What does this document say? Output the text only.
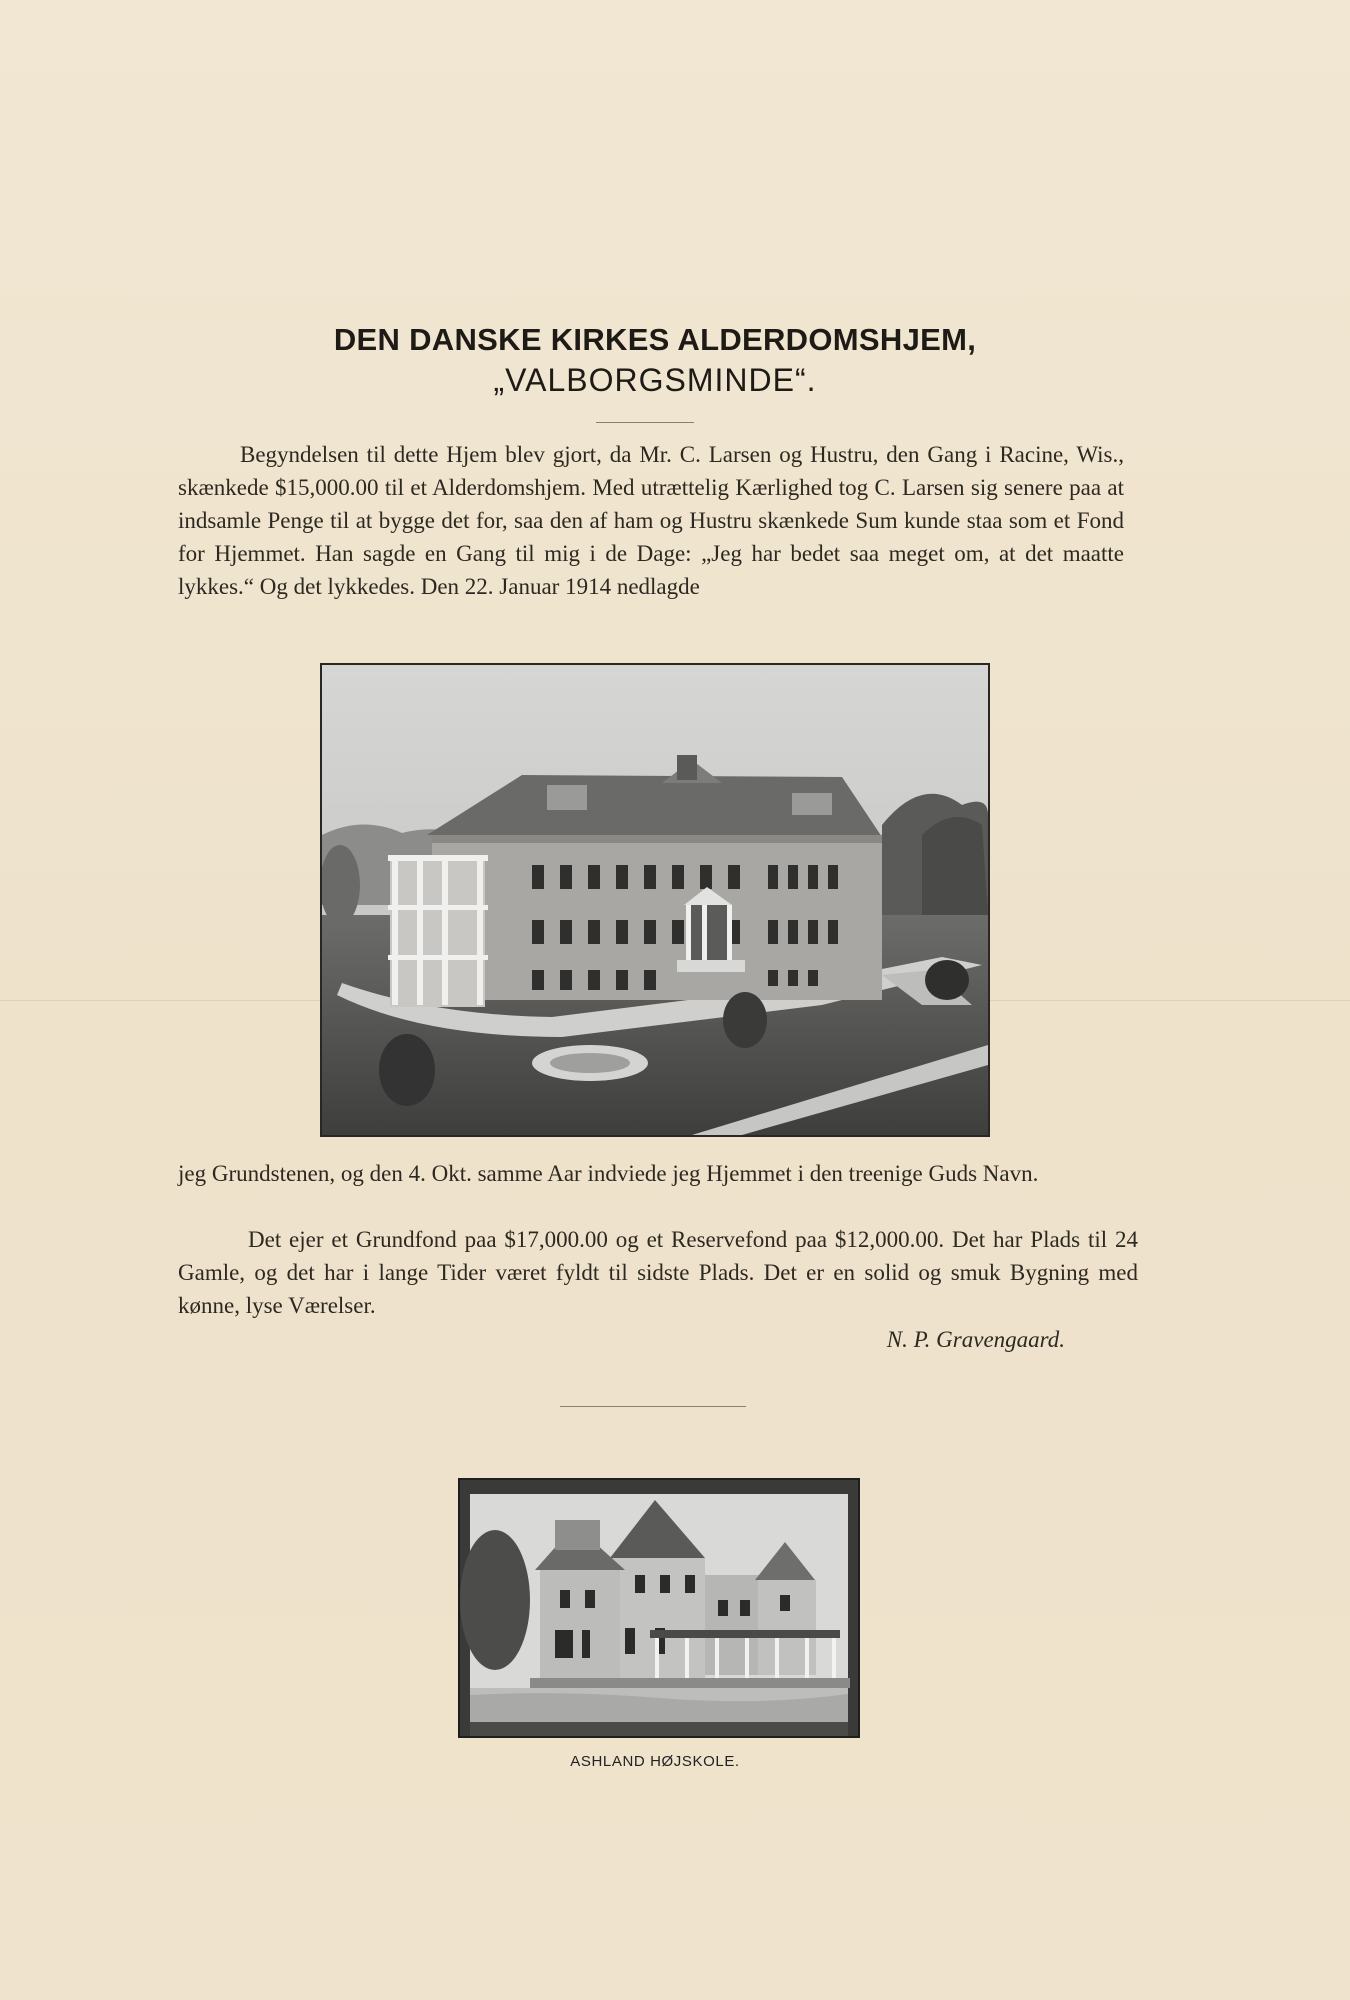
DEN DANSKE KIRKES ALDERDOMSHJEM,
„VALBORGSMINDE“.

Begyndelsen til dette Hjem blev gjort, da Mr. C. Larsen og Hustru, den Gang i Racine, Wis., skænkede $15,000.00 til et Alderdomshjem. Med utrættelig Kærlighed tog C. Larsen sig senere paa at indsamle Penge til at bygge det for, saa den af ham og Hustru skænkede Sum kunde staa som et Fond for Hjemmet. Han sagde en Gang til mig i de Dage: „Jeg har bedet saa meget om, at det maatte lykkes.“ Og det lykkedes. Den 22. Januar 1914 nedlagde

jeg Grundstenen, og den 4. Okt. samme Aar indviede jeg Hjemmet i den treenige Guds Navn.

Det ejer et Grundfond paa $17,000.00 og et Reservefond paa $12,000.00. Det har Plads til 24 Gamle, og det har i lange Tider været fyldt til sidste Plads. Det er en solid og smuk Bygning med kønne, lyse Værelser.

N. P. Gravengaard.
ASHLAND HØJSKOLE.
